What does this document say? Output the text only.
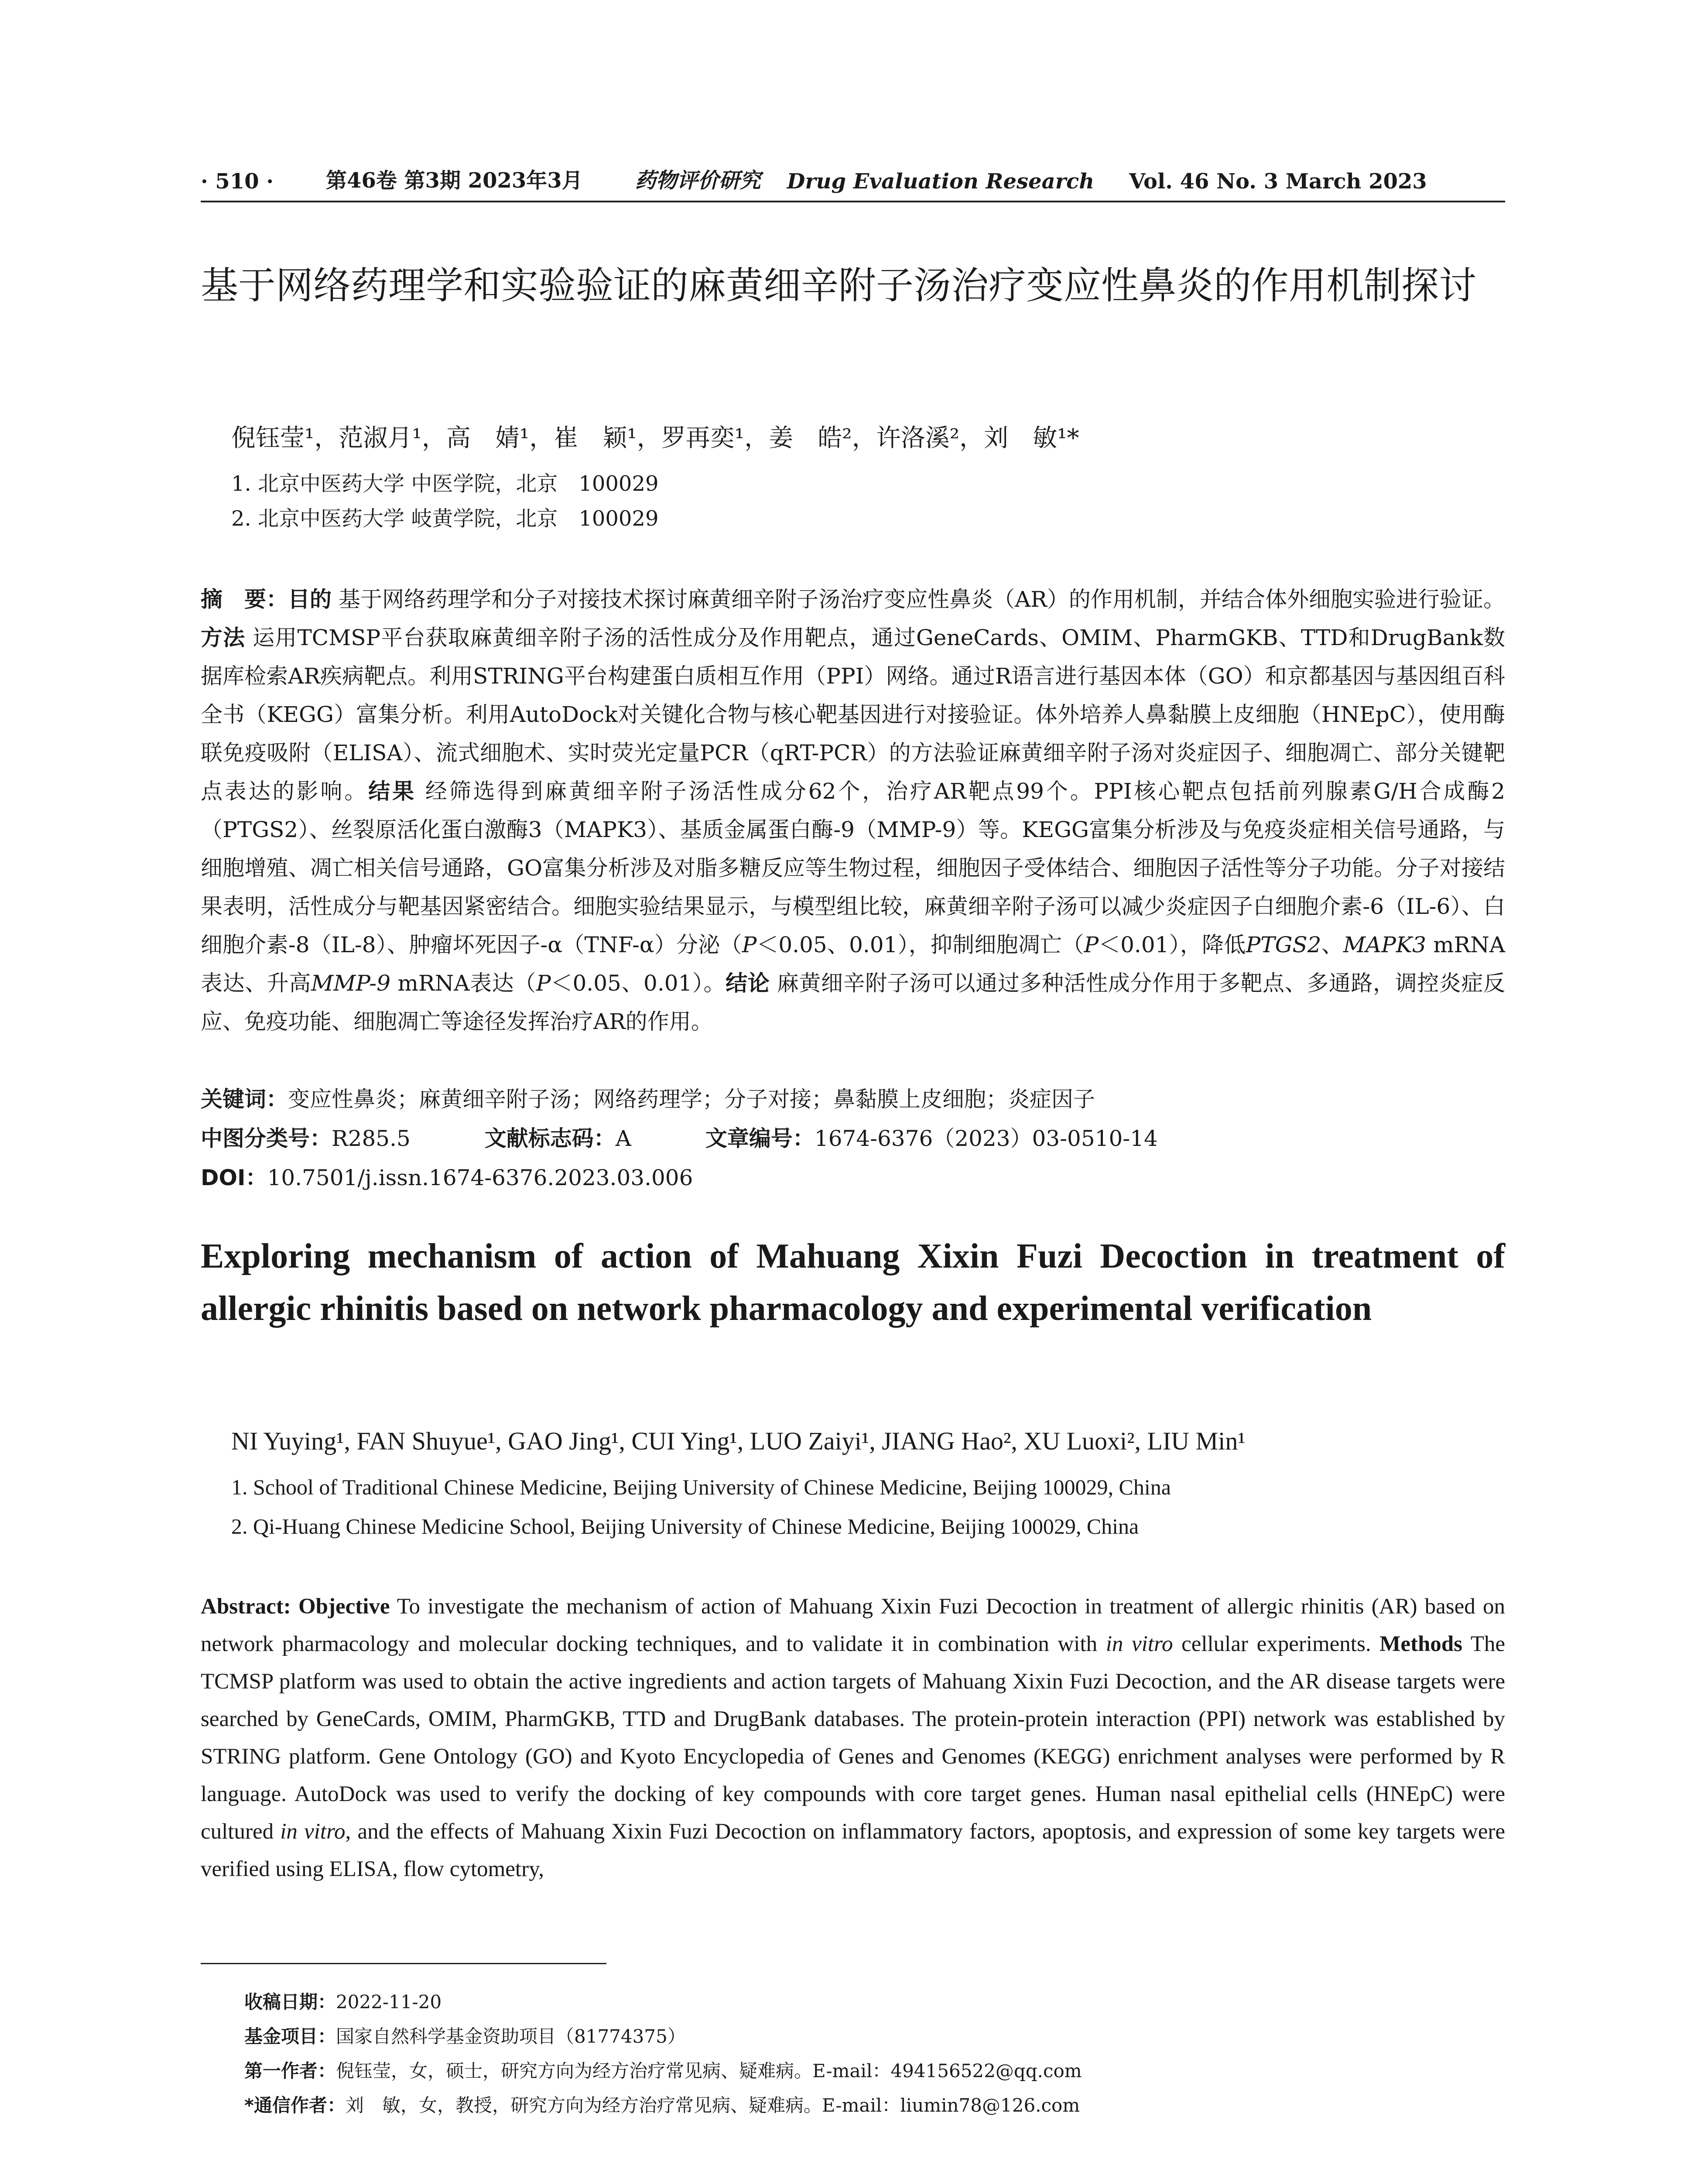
· 510 ·	第46卷 第3期 2023年3月	药物评价研究 Drug Evaluation Research Vol. 46 No. 3 March 2023
基于网络药理学和实验验证的麻黄细辛附子汤治疗变应性鼻炎的作用机制探讨

倪钰莹¹，范淑月¹，高　婧¹，崔　颖¹，罗再奕¹，姜　皓²，许洛溪²，刘　敏¹*

1. 北京中医药大学 中医学院，北京　100029

2. 北京中医药大学 岐黄学院，北京　100029

摘　要：目的 基于网络药理学和分子对接技术探讨麻黄细辛附子汤治疗变应性鼻炎（AR）的作用机制，并结合体外细胞实验进行验证。方法 运用TCMSP平台获取麻黄细辛附子汤的活性成分及作用靶点，通过GeneCards、OMIM、PharmGKB、TTD和DrugBank数据库检索AR疾病靶点。利用STRING平台构建蛋白质相互作用（PPI）网络。通过R语言进行基因本体（GO）和京都基因与基因组百科全书（KEGG）富集分析。利用AutoDock对关键化合物与核心靶基因进行对接验证。体外培养人鼻黏膜上皮细胞（HNEpC），使用酶联免疫吸附（ELISA）、流式细胞术、实时荧光定量PCR（qRT-PCR）的方法验证麻黄细辛附子汤对炎症因子、细胞凋亡、部分关键靶点表达的影响。结果 经筛选得到麻黄细辛附子汤活性成分62个，治疗AR靶点99个。PPI核心靶点包括前列腺素G/H合成酶2（PTGS2）、丝裂原活化蛋白激酶3（MAPK3）、基质金属蛋白酶-9（MMP-9）等。KEGG富集分析涉及与免疫炎症相关信号通路，与细胞增殖、凋亡相关信号通路，GO富集分析涉及对脂多糖反应等生物过程，细胞因子受体结合、细胞因子活性等分子功能。分子对接结果表明，活性成分与靶基因紧密结合。细胞实验结果显示，与模型组比较，麻黄细辛附子汤可以减少炎症因子白细胞介素-6（IL-6）、白细胞介素-8（IL-8）、肿瘤坏死因子-α（TNF-α）分泌（P＜0.05、0.01），抑制细胞凋亡（P＜0.01），降低PTGS2、MAPK3 mRNA表达、升高MMP-9 mRNA表达（P＜0.05、0.01）。结论 麻黄细辛附子汤可以通过多种活性成分作用于多靶点、多通路，调控炎症反应、免疫功能、细胞凋亡等途径发挥治疗AR的作用。

关键词：变应性鼻炎；麻黄细辛附子汤；网络药理学；分子对接；鼻黏膜上皮细胞；炎症因子

中图分类号：R285.5	文献标志码：A	文章编号：1674-6376（2023）03-0510-14

DOI：10.7501/j.issn.1674-6376.2023.03.006

Exploring mechanism of action of Mahuang Xixin Fuzi Decoction in treatment of allergic rhinitis based on network pharmacology and experimental verification

NI Yuying¹, FAN Shuyue¹, GAO Jing¹, CUI Ying¹, LUO Zaiyi¹, JIANG Hao², XU Luoxi², LIU Min¹

1. School of Traditional Chinese Medicine, Beijing University of Chinese Medicine, Beijing 100029, China

2. Qi-Huang Chinese Medicine School, Beijing University of Chinese Medicine, Beijing 100029, China

Abstract: Objective To investigate the mechanism of action of Mahuang Xixin Fuzi Decoction in treatment of allergic rhinitis (AR) based on network pharmacology and molecular docking techniques, and to validate it in combination with in vitro cellular experiments. Methods The TCMSP platform was used to obtain the active ingredients and action targets of Mahuang Xixin Fuzi Decoction, and the AR disease targets were searched by GeneCards, OMIM, PharmGKB, TTD and DrugBank databases. The protein-protein interaction (PPI) network was established by STRING platform. Gene Ontology (GO) and Kyoto Encyclopedia of Genes and Genomes (KEGG) enrichment analyses were performed by R language. AutoDock was used to verify the docking of key compounds with core target genes. Human nasal epithelial cells (HNEpC) were cultured in vitro, and the effects of Mahuang Xixin Fuzi Decoction on inflammatory factors, apoptosis, and expression of some key targets were verified using ELISA, flow cytometry,

收稿日期：2022-11-20
基金项目：国家自然科学基金资助项目（81774375）
第一作者：倪钰莹，女，硕士，研究方向为经方治疗常见病、疑难病。E-mail：494156522@qq.com
*通信作者：刘　敏，女，教授，研究方向为经方治疗常见病、疑难病。E-mail：liumin78@126.com
